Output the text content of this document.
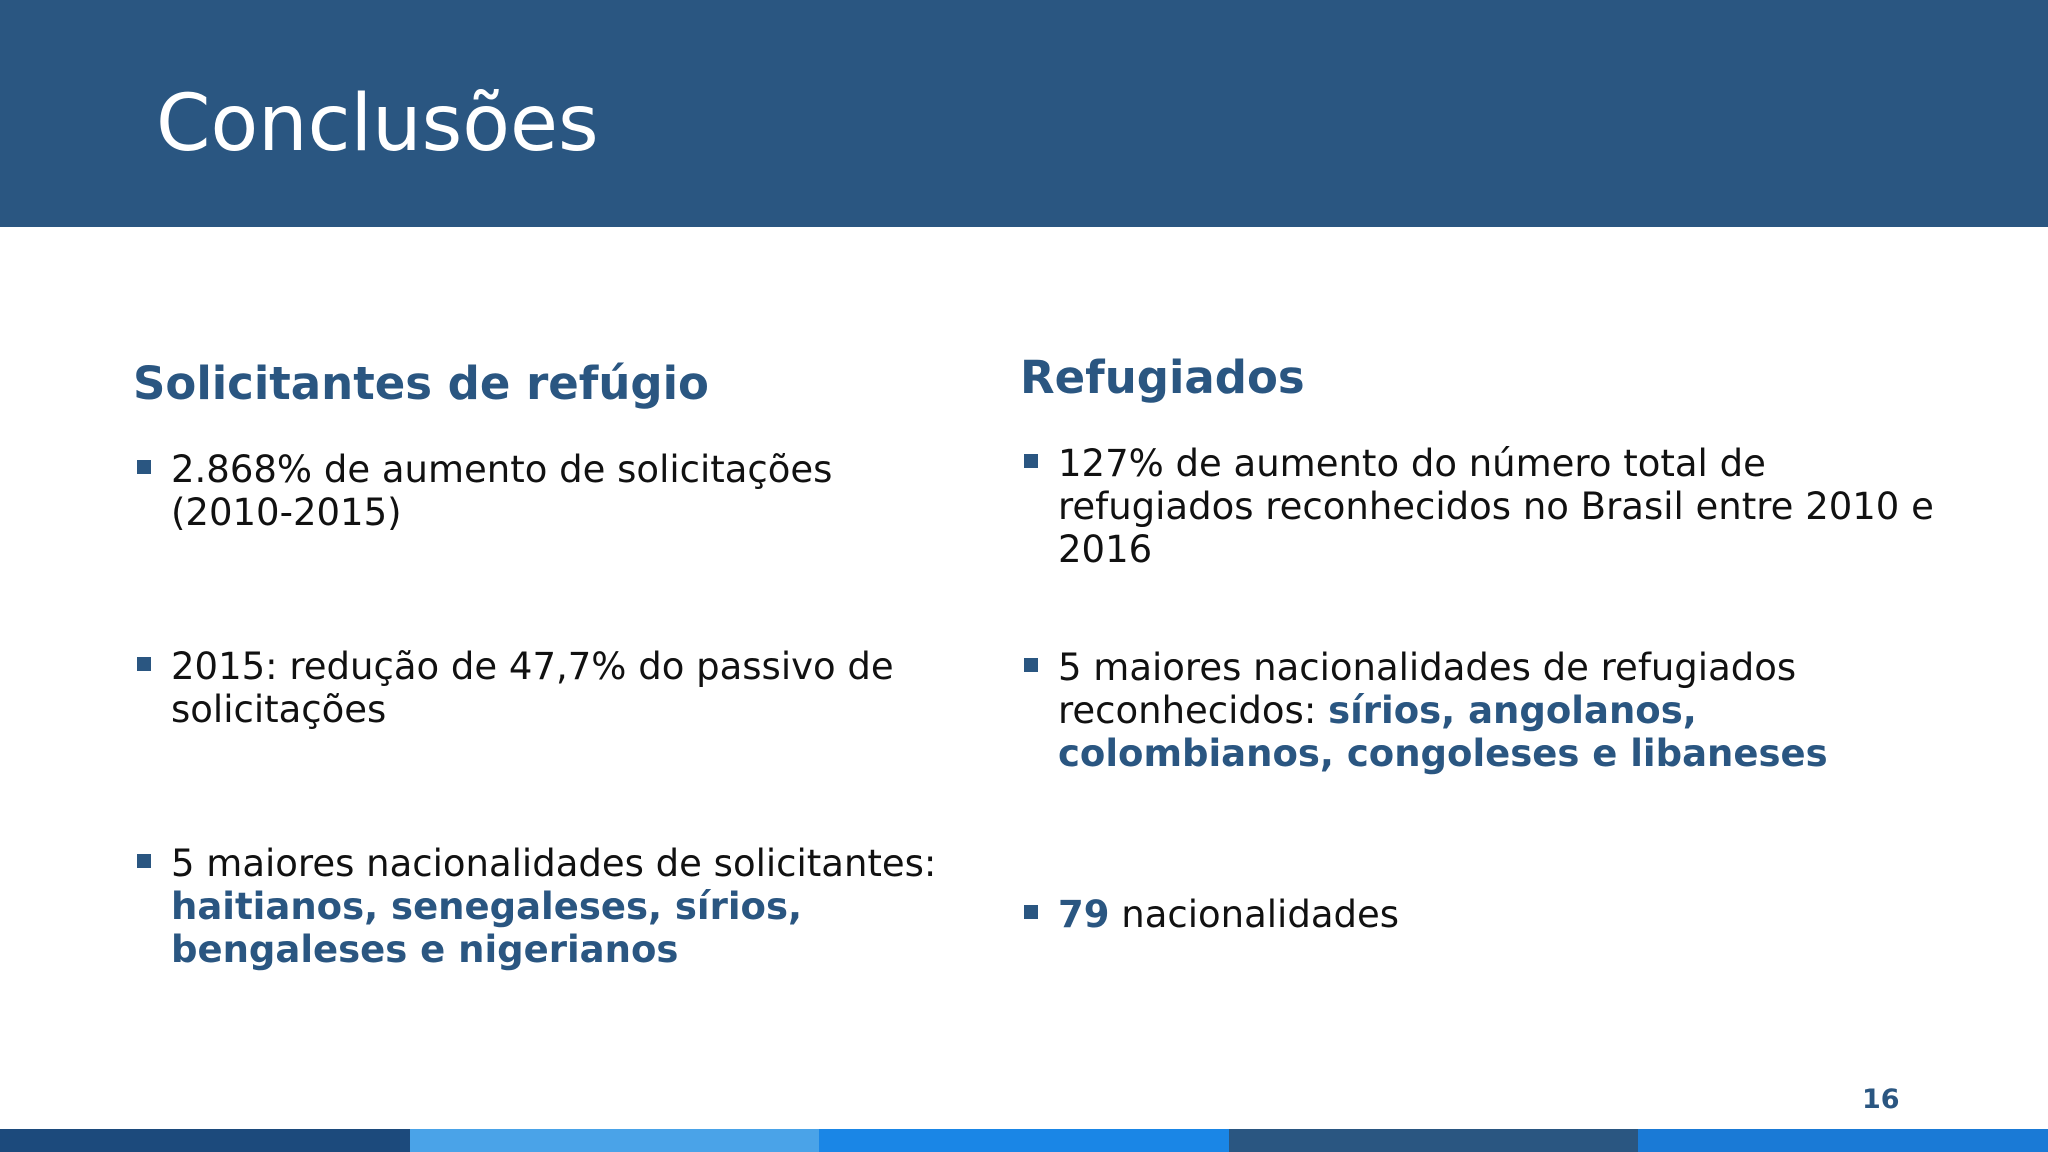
Conclusões
Solicitantes de refúgio
2.868% de aumento de solicitações (2010-2015)
2015: redução de 47,7% do passivo de solicitações
5 maiores nacionalidades de solicitantes:
haitianos, senegaleses, sírios, bengaleses e nigerianos
Refugiados
127% de aumento do número total de refugiados reconhecidos no Brasil entre 2010 e 2016
5 maiores nacionalidades de refugiados reconhecidos: sírios, angolanos, colombianos, congoleses e libaneses
79 nacionalidades
16
